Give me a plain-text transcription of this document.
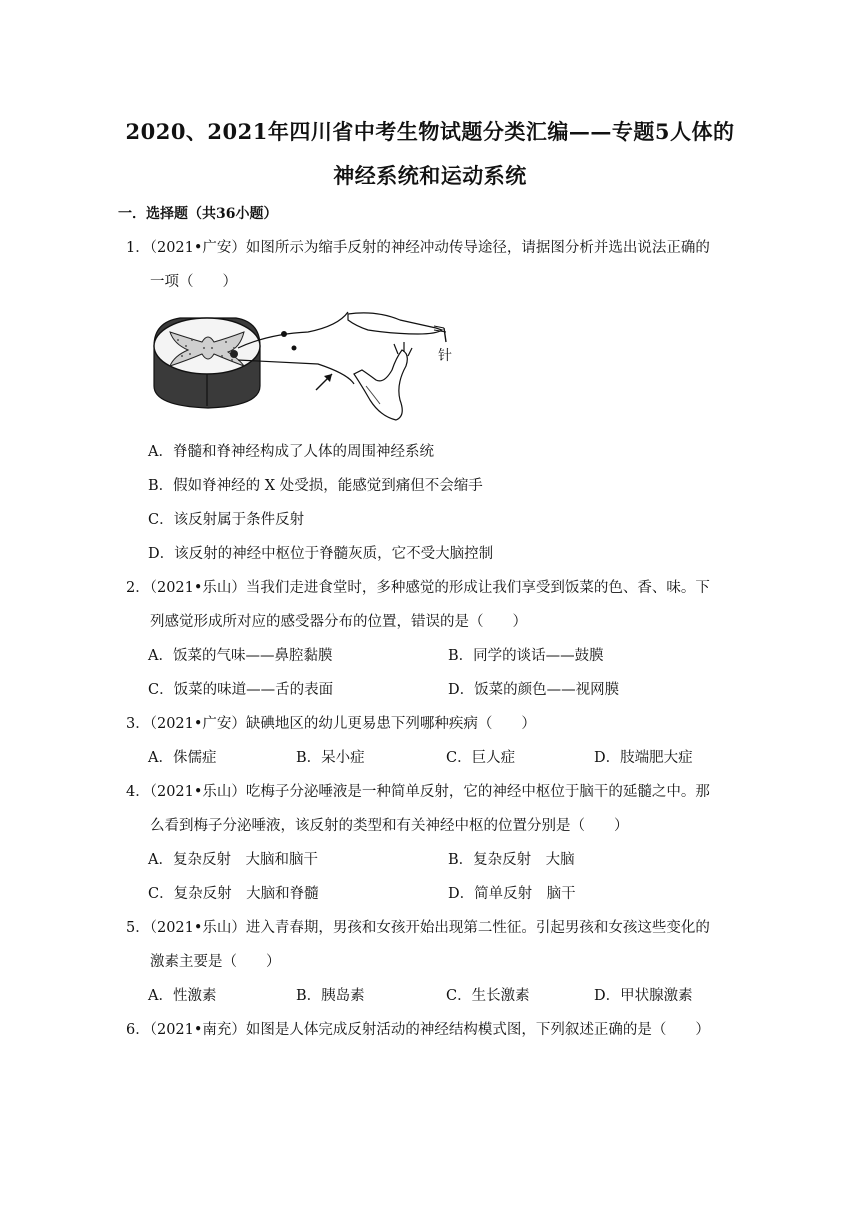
2020、2021年四川省中考生物试题分类汇编——专题5人体的
神经系统和运动系统
一．选择题（共36小题）
1．（2021•广安）如图所示为缩手反射的神经冲动传导途径，请据图分析并选出说法正确的
一项（　　）
针
A．脊髓和脊神经构成了人体的周围神经系统
B．假如脊神经的 X 处受损，能感觉到痛但不会缩手
C．该反射属于条件反射
D．该反射的神经中枢位于脊髓灰质，它不受大脑控制
2．（2021•乐山）当我们走进食堂时，多种感觉的形成让我们享受到饭菜的色、香、味。下
列感觉形成所对应的感受器分布的位置，错误的是（　　）
A．饭菜的气味——鼻腔黏膜	B．同学的谈话——鼓膜
C．饭菜的味道——舌的表面	D．饭菜的颜色——视网膜
3．（2021•广安）缺碘地区的幼儿更易患下列哪种疾病（　　）
A．侏儒症	B．呆小症	C．巨人症	D．肢端肥大症
4．（2021•乐山）吃梅子分泌唾液是一种简单反射，它的神经中枢位于脑干的延髓之中。那
么看到梅子分泌唾液，该反射的类型和有关神经中枢的位置分别是（　　）
A．复杂反射　大脑和脑干	B．复杂反射　大脑
C．复杂反射　大脑和脊髓	D．简单反射　脑干
5．（2021•乐山）进入青春期，男孩和女孩开始出现第二性征。引起男孩和女孩这些变化的
激素主要是（　　）
A．性激素	B．胰岛素	C．生长激素	D．甲状腺激素
6．（2021•南充）如图是人体完成反射活动的神经结构模式图，下列叙述正确的是（　　）
